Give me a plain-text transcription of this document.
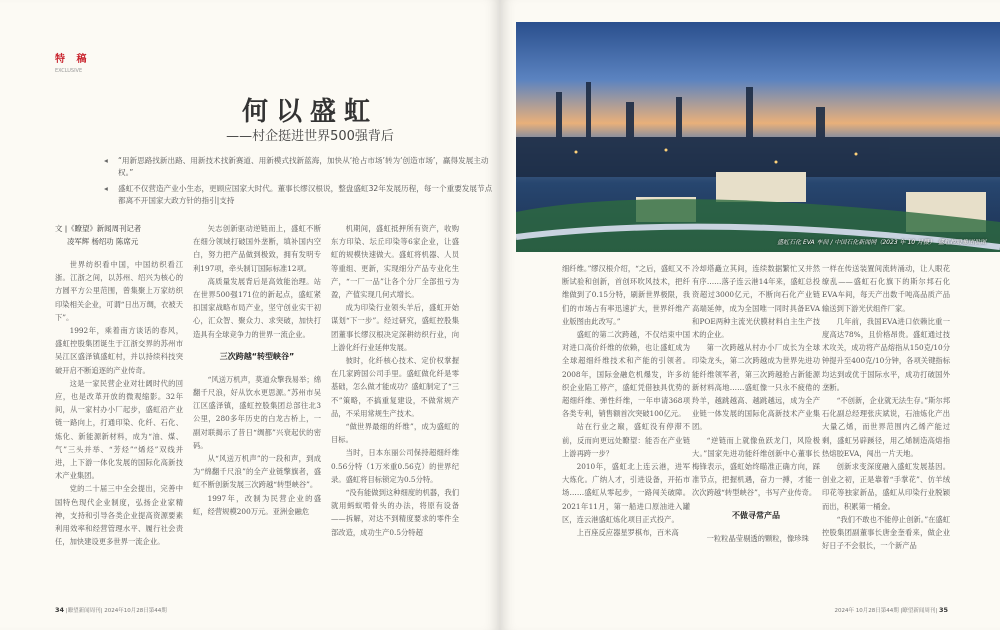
特 稿
EXCLUSIVE
何以盛虹
——村企挺进世界500强背后
◂ “用新思路找新出路、用新技术找新赛道、用新模式找新蓝海，加快从‘抢占市场’转为‘创造市场’，赢得发展主动权。”
◂ 盛虹不仅营造产业小生态，更顾应国家大时代。董事长缪汉根说，整盘盛虹32年发展历程，每一个重要发展节点都离不开国家大政方针的指引|支持
文 |《瞭望》新闻周刊记者
凌军辉 杨绍功 陈席元

世界纺织看中国，中国纺织看江浙。江浙之间，以苏州、绍兴为核心的方圆平方公里范围，曾集聚上万家纺织印染相关企业，可谓“日出万绸，衣被天下”。

1992年，乘着南方谈话的春风，盛虹控股集团诞生于江浙交界的苏州市吴江区盛泽镇盛虹村，并以持续科技突破开启不断追逐的产业传奇。

这是一家民营企业对壮阔时代的回应，也是改革开放的微观缩影。32年间，从一家村办小厂起步，盛虹沿产业链一路向上，打通印染、化纤、石化、炼化、新能源新材料，成为“油、煤、气”三头并举、“芳烃”“烯烃”双线并进，上下游一体化发展的国际化高新技术产业集团。

党的二十届三中全会提出，完善中国特色现代企业制度，弘扬企业家精神，支持和引导各类企业提高资源要素利用效率和经营管理水平、履行社会责任，加快建设更多世界一流企业。

矢志创新驱动逆链而上，盛虹不断在细分领域打破国外垄断，填补国内空白，努力把产品做到极致，拥有发明专利197项，牵头制订国际标准12项。

高质量发展背后是高效能治理。站在世界500强171位的新起点，盛虹紧扣国家战略布局产业，坚守创业实干初心，汇众智、聚众力、求突破，加快打造具有全球竞争力的世界一流企业。

三次跨越“转型峡谷”

“风送万机声，莫道众擎我易举；绵翻千尺浪，好从饮水更思源。”苏州市吴江区盛泽镇，盛虹控股集团总部往北3公里，280多年历史的白龙古桥上，一副对联揭示了昔日“绸都”兴衰起伏的密码。

从“风送万机声”的一段和声，到成为“绵翻千尺浪”的全产业链擎旗者，盛虹不断创新发展三次跨越“转型峡谷”。

1997年，改制为民营企业的盛虹，经营规模200万元。亚洲金融危

机期间，盛虹抵押所有资产，收购东方印染、坛丘印染等6家企业，让盛虹的规模快速做大。盛虹将机器、人员等重组、更新，实现细分产品专业化生产，“一厂一品”让各个分厂全部扭亏为盈，产值实现几何式增长。

成为印染行业领头羊后，盛虹开始谋划“下一步”。经过研究，盛虹控股集团董事长缪汉根决定深耕纺织行业，向上游化纤行业延伸发展。

彼时，化纤核心技术、定价权掌握在几家跨国公司手里。盛虹做化纤是零基础，怎么做才能成功？盛虹制定了“三不”策略，不搞重复建设，不做常规产品，不采用常规生产技术。

“做世界最细的纤维”，成为盛虹的目标。

当时，日本东丽公司保持超细纤维0.56分特（1万米重0.56克）的世界纪录。盛虹将目标锁定为0.5分特。

“没有能做到这种细度的机器，我们就用蚂蚁啃骨头的办法，将原有设备——拆解，对达不到精度要求的零件全部改造，成功生产0.5分特超

34 |瞭望新闻周刊| 2024年10月28日第44期
盛虹石化 EVA 车间 / 中国石化新闻网（2023 年 10 月摄）　盛虹控股集团供图

细纤维。”缪汉根介绍，“之后，盛虹又不断试验和创新，首创环吹风技术，把纤维做到了0.15分特，刷新世界极限，我们的市场占有率迅速扩大，世界纤维产业版图由此改写。”

盛虹的第二次跨越，不仅结束中国对进口高价纤维的依赖，也让盛虹成为全球超细纤维技术和产能的引领者。2008年，国际金融危机爆发，许多纺织企业陷工停产，盛虹凭借独具优势的超细纤维、弹性纤维，一年申请368项各类专利，销售额首次突破100亿元。

站在行业之巅，盛虹没有停滞不前，反而向更远处瞭望：能否在产业链上游再跨一步？

2010年，盛虹北上连云港，进军大炼化。广纳人才，引进设备，开拓市场……盛虹从零起步，一路闯关破障。2021年11月，第一船进口原油进入罐区，连云港盛虹炼化项目正式投产。

上百座反应器星罗棋布，百米高

冷却塔矗立其间，连续数据繁忙又井然有序……落子连云港14年来，盛虹总投资超过3000亿元，不断向石化产业链高端延伸，成为全国唯一同时具备EVA和POE两种主流光伏膜材料自主生产技术的企业。

第一次跨越从村办小厂成长为全球印染龙头，第二次跨越成为世界先进功能纤维领军者，第三次跨越抢占新能源新材料高地……盛虹像一只永不疲倦的羚羊，越跳越高、越跳越远，成为全产业链一体发展的国际化高新技术产业集团。

“逆链而上就像鱼跃龙门，风险极大。”国家先进功能纤维创新中心董事长梅锋表示，盛虹始终瞄准正确方向，踩准节点，把握机遇，奋力一搏，才能一次次跨越“转型峡谷”，书写产业传奇。

不做寻常产品

一粒粒晶莹剔透的颗粒，像珍珠

一样在传送装置间流转涌动，让人眼花缭乱——盛虹石化旗下的斯尔邦石化EVA车间，每天产出数千吨高品质产品输送到下游光伏组件厂家。

几年前，我国EVA进口依赖比重一度高达78%，且价格昂贵。盛虹通过技术攻关，成功将产品熔指从150克/10分钟提升至400克/10分钟，各项关键指标均达到或优于国际水平，成功打破国外垄断。

“不创新，企业就无法生存。”斯尔邦石化副总经理张庆斌说，石油炼化产出大量乙烯，而世界范围内乙烯产能过剩，盛虹另辟蹊径，用乙烯制造高熔指热熔胶EVA，闯出一片天地。

创新求变深度融入盛虹发展基因。创业之初，正是靠着“手掌花”、仿羊绒印花等独家新品，盛虹从印染行业脱颖而出，积累第一桶金。

“我们不敢也不能停止创新。”在盛虹控股集团副董事长唐金奎看来，做企业好日子不会很长，一个新产品

2024年 10月28日第44期 |瞭望新闻周刊| 35
